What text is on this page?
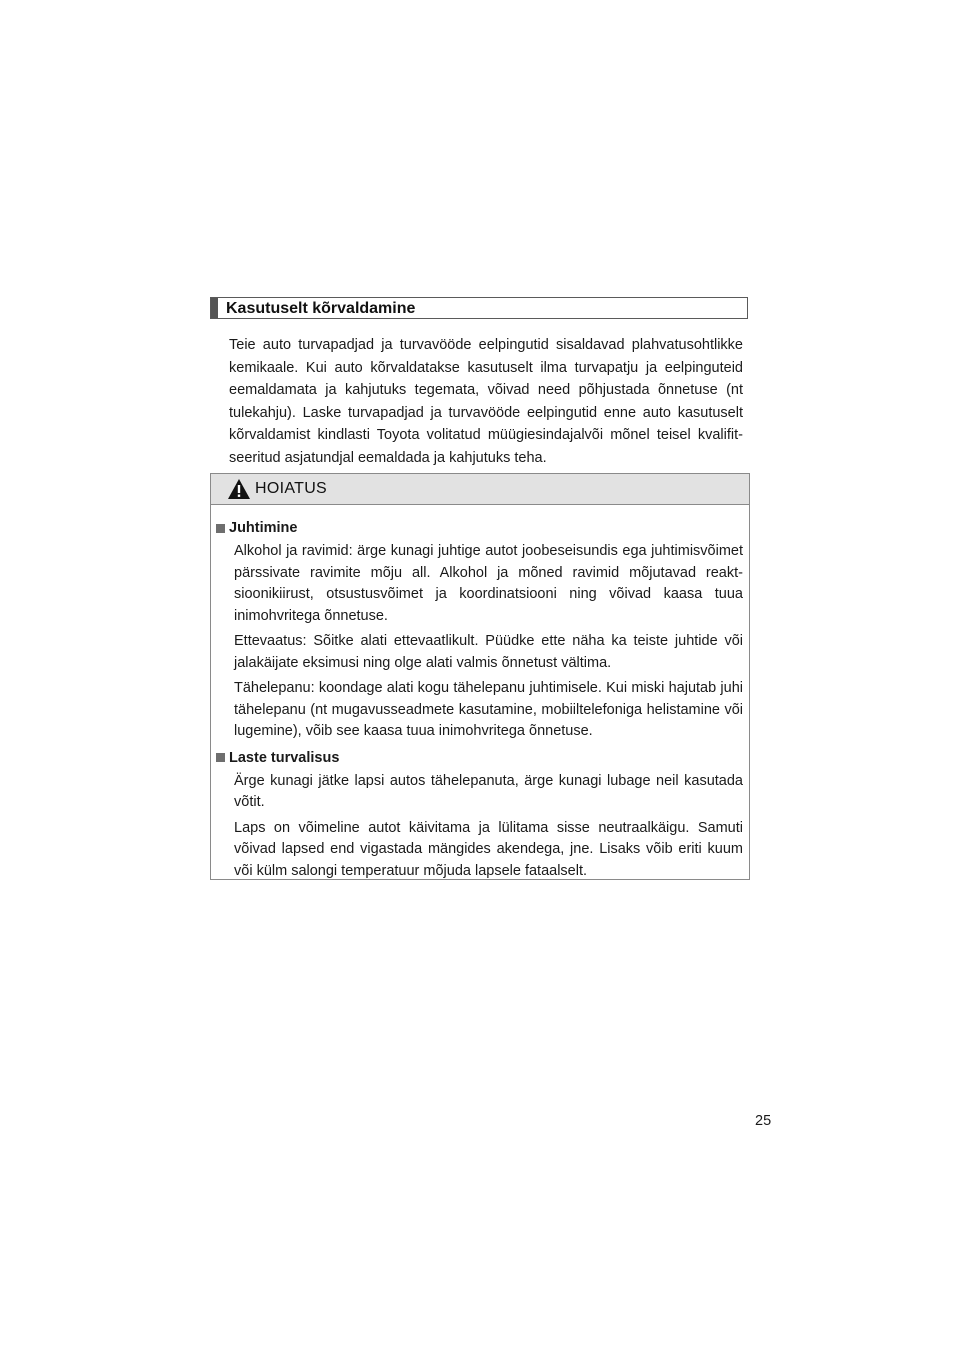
Kasutuselt kõrvaldamine

Teie auto turvapadjad ja turvavööde eelpingutid sisaldavad plahvatusohtlikke kemikaale. Kui auto kõrvaldatakse kasutuselt ilma turvapatju ja eelpinguteid eemaldamata ja kahjutuks tegemata, võivad need põhjustada õnnetuse (nt tulekahju). Laske turvapadjad ja turvavööde eelpingutid enne auto kasutuselt kõrvaldamist kindlasti Toyota volitatud müügiesindajalvõi mõnel teisel kvalifitseeritud asjatundjal eemaldada ja kahjutuks teha.

HOIATUS
Juhtimine

Alkohol ja ravimid: ärge kunagi juhtige autot joobeseisundis ega juhtimisvõimet pärssivate ravimite mõju all. Alkohol ja mõned ravimid mõjutavad reaktsioonikiirust, otsustusvõimet ja koordinatsiooni ning võivad kaasa tuua inimohvritega õnnetuse.

Ettevaatus: Sõitke alati ettevaatlikult. Püüdke ette näha ka teiste juhtide või jalakäijate eksimusi ning olge alati valmis õnnetust vältima.

Tähelepanu: koondage alati kogu tähelepanu juhtimisele. Kui miski hajutab juhi tähelepanu (nt mugavusseadmete kasutamine, mobiiltelefoniga helistamine või lugemine), võib see kaasa tuua inimohvritega õnnetuse.

Laste turvalisus

Ärge kunagi jätke lapsi autos tähelepanuta, ärge kunagi lubage neil kasutada võtit.

Laps on võimeline autot käivitama ja lülitama sisse neutraalkäigu. Samuti võivad lapsed end vigastada mängides akendega, jne. Lisaks võib eriti kuum või külm salongi temperatuur mõjuda lapsele fataalselt.

25
